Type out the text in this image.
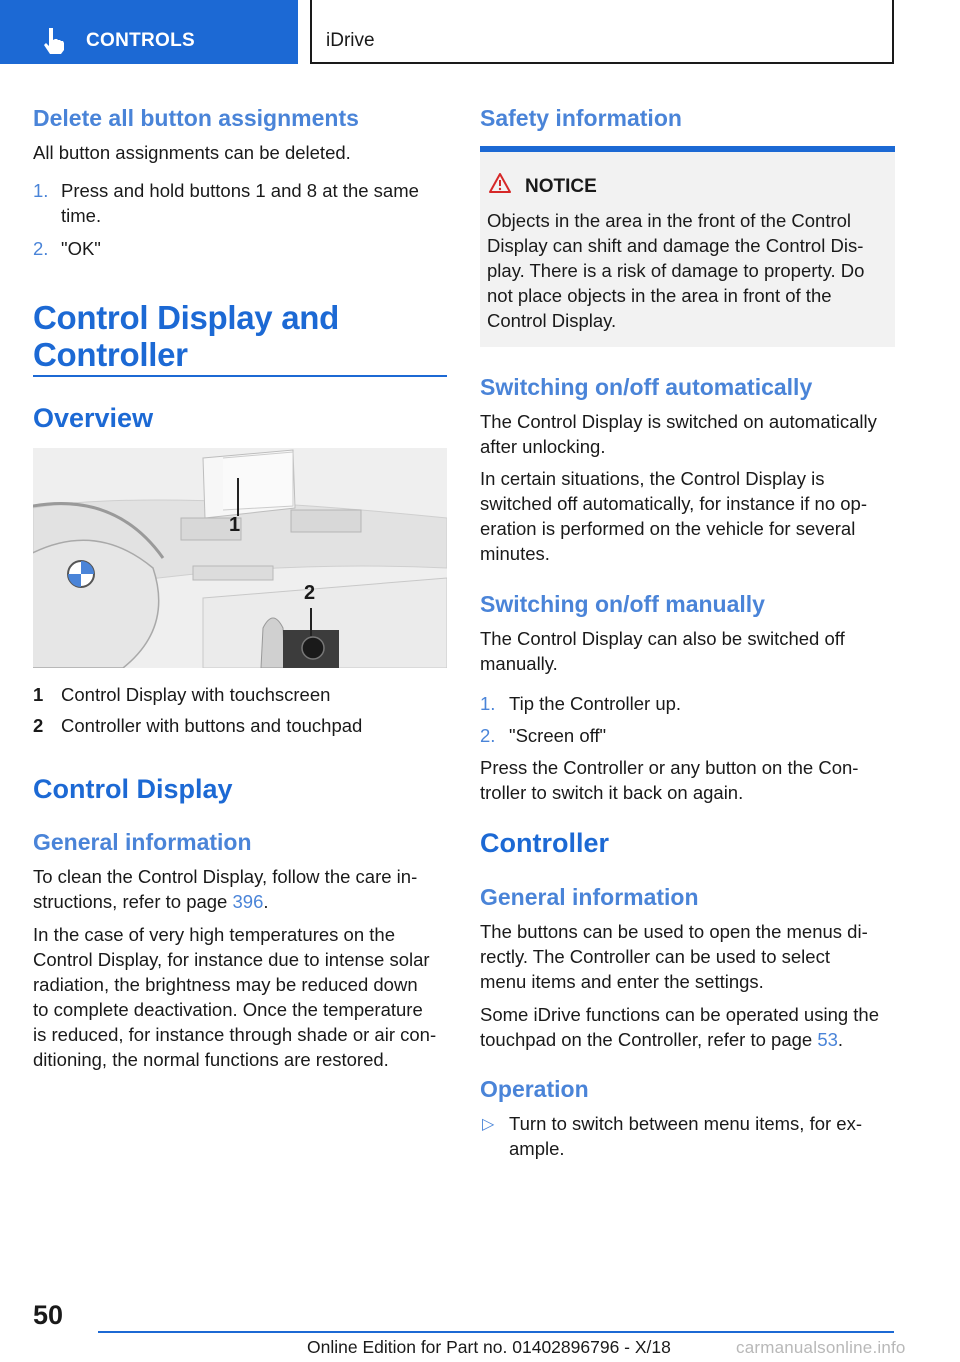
CONTROLS	iDrive
Delete all button assignments
All button assignments can be deleted.
1. Press and hold buttons 1 and 8 at the same
time.
2. "OK"
Control Display and
Controller
Overview
1
2
1 Control Display with touchscreen
2 Controller with buttons and touchpad
Control Display
General information
To clean the Control Display, follow the care in‐
structions, refer to page 396.
In the case of very high temperatures on the
Control Display, for instance due to intense solar
radiation, the brightness may be reduced down
to complete deactivation. Once the temperature
is reduced, for instance through shade or air con‐
ditioning, the normal functions are restored.
Safety information
NOTICE
Objects in the area in the front of the Control
Display can shift and damage the Control Dis‐
play. There is a risk of damage to property. Do
not place objects in the area in front of the
Control Display.
Switching on/off automatically
The Control Display is switched on automatically
after unlocking.
In certain situations, the Control Display is
switched off automatically, for instance if no op‐
eration is performed on the vehicle for several
minutes.
Switching on/off manually
The Control Display can also be switched off
manually.
1. Tip the Controller up.
2. "Screen off"
Press the Controller or any button on the Con‐
troller to switch it back on again.
Controller
General information
The buttons can be used to open the menus di‐
rectly. The Controller can be used to select
menu items and enter the settings.
Some iDrive functions can be operated using the
touchpad on the Controller, refer to page 53.
Operation
▷ Turn to switch between menu items, for ex‐
ample.
50
Online Edition for Part no. 01402896796 - X/18	carmanualsonline.info
